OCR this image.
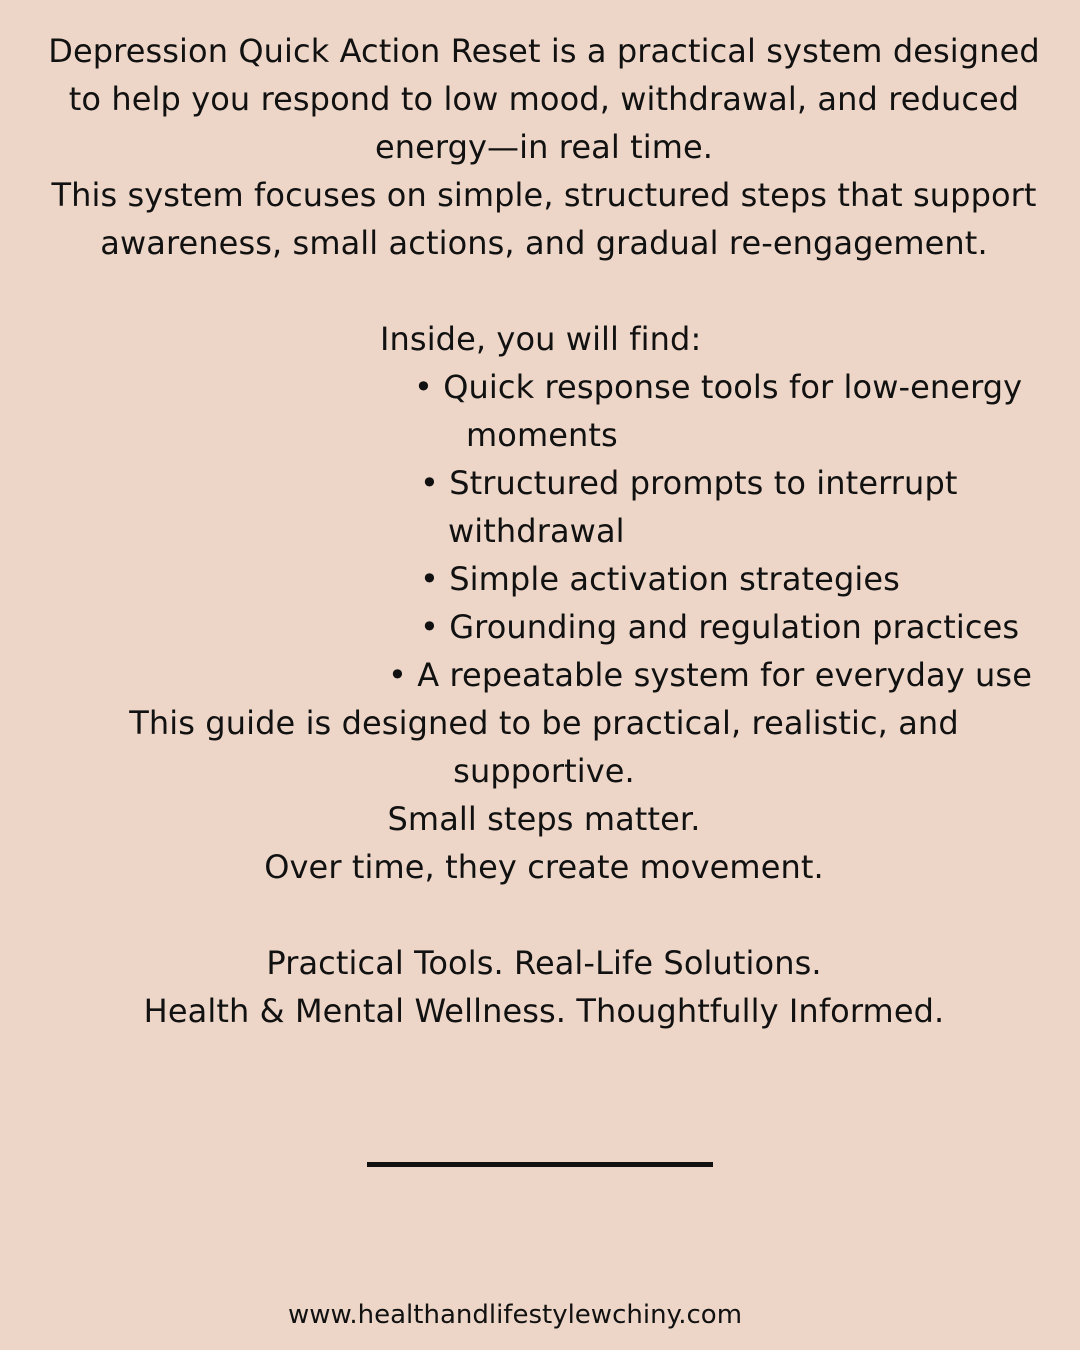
Depression Quick Action Reset is a practical system designed
to help you respond to low mood, withdrawal, and reduced
energy—in real time.
This system focuses on simple, structured steps that support
awareness, small actions, and gradual re-engagement.
Inside, you will find:
• Quick response tools for low-energy
moments
• Structured prompts to interrupt
withdrawal
• Simple activation strategies
• Grounding and regulation practices
• A repeatable system for everyday use
This guide is designed to be practical, realistic, and
supportive.
Small steps matter.
Over time, they create movement.
Practical Tools. Real-Life Solutions.
Health & Mental Wellness. Thoughtfully Informed.
www.healthandlifestylewchiny.com
